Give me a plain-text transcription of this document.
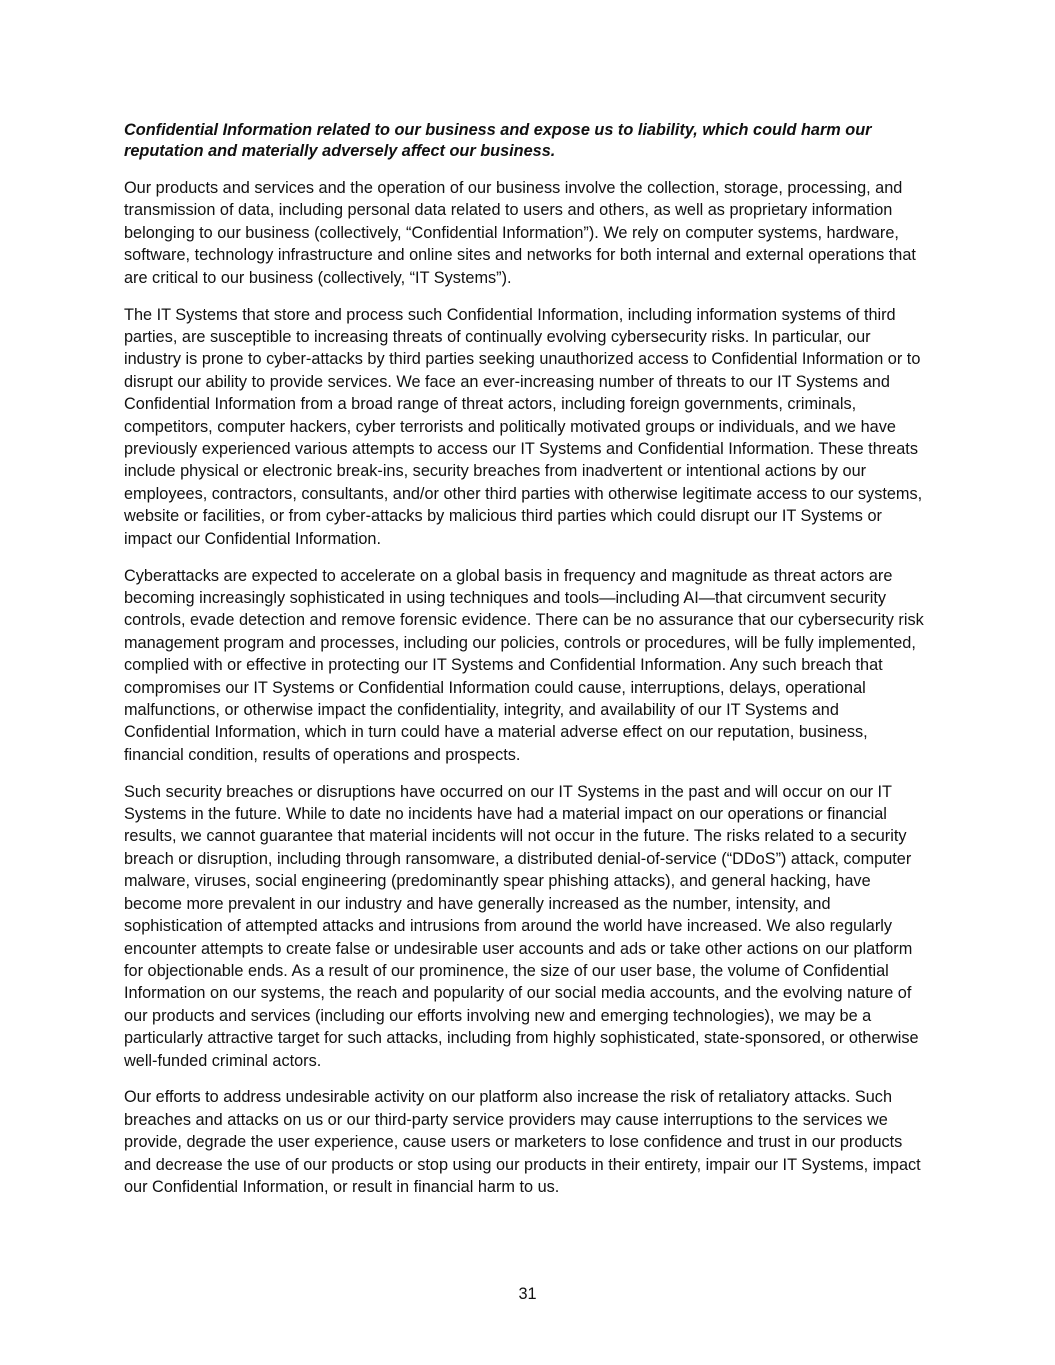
Confidential Information related to our business and expose us to liability, which could harm our reputation and materially adversely affect our business.

Our products and services and the operation of our business involve the collection, storage, processing, and transmission of data, including personal data related to users and others, as well as proprietary information belonging to our business (collectively, “Confidential Information”). We rely on computer systems, hardware, software, technology infrastructure and online sites and networks for both internal and external operations that are critical to our business (collectively, “IT Systems”).

The IT Systems that store and process such Confidential Information, including information systems of third parties, are susceptible to increasing threats of continually evolving cybersecurity risks. In particular, our industry is prone to cyber-attacks by third parties seeking unauthorized access to Confidential Information or to disrupt our ability to provide services. We face an ever-increasing number of threats to our IT Systems and Confidential Information from a broad range of threat actors, including foreign governments, criminals, competitors, computer hackers, cyber terrorists and politically motivated groups or individuals, and we have previously experienced various attempts to access our IT Systems and Confidential Information. These threats include physical or electronic break-ins, security breaches from inadvertent or intentional actions by our employees, contractors, consultants, and/or other third parties with otherwise legitimate access to our systems, website or facilities, or from cyber-attacks by malicious third parties which could disrupt our IT Systems or impact our Confidential Information.

Cyberattacks are expected to accelerate on a global basis in frequency and magnitude as threat actors are becoming increasingly sophisticated in using techniques and tools—including AI—that circumvent security controls, evade detection and remove forensic evidence. There can be no assurance that our cybersecurity risk management program and processes, including our policies, controls or procedures, will be fully implemented, complied with or effective in protecting our IT Systems and Confidential Information. Any such breach that compromises our IT Systems or Confidential Information could cause, interruptions, delays, operational malfunctions, or otherwise impact the confidentiality, integrity, and availability of our IT Systems and Confidential Information, which in turn could have a material adverse effect on our reputation, business, financial condition, results of operations and prospects.

Such security breaches or disruptions have occurred on our IT Systems in the past and will occur on our IT Systems in the future. While to date no incidents have had a material impact on our operations or financial results, we cannot guarantee that material incidents will not occur in the future. The risks related to a security breach or disruption, including through ransomware, a distributed denial-of-service (“DDoS”) attack, computer malware, viruses, social engineering (predominantly spear phishing attacks), and general hacking, have become more prevalent in our industry and have generally increased as the number, intensity, and sophistication of attempted attacks and intrusions from around the world have increased. We also regularly encounter attempts to create false or undesirable user accounts and ads or take other actions on our platform for objectionable ends. As a result of our prominence, the size of our user base, the volume of Confidential Information on our systems, the reach and popularity of our social media accounts, and the evolving nature of our products and services (including our efforts involving new and emerging technologies), we may be a particularly attractive target for such attacks, including from highly sophisticated, state-sponsored, or otherwise well-funded criminal actors.

Our efforts to address undesirable activity on our platform also increase the risk of retaliatory attacks. Such breaches and attacks on us or our third-party service providers may cause interruptions to the services we provide, degrade the user experience, cause users or marketers to lose confidence and trust in our products and decrease the use of our products or stop using our products in their entirety, impair our IT Systems, impact our Confidential Information, or result in financial harm to us.

31
